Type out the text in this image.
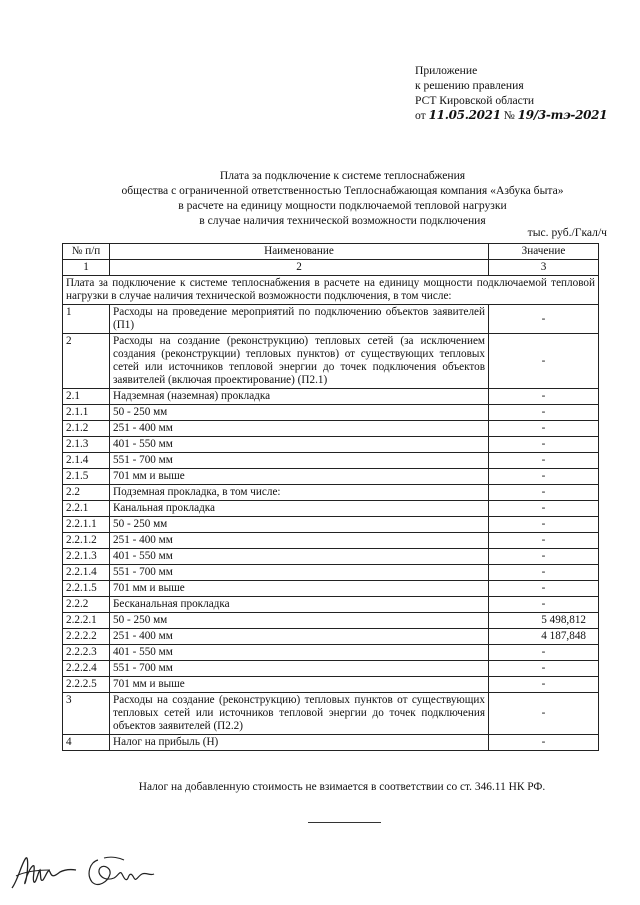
Приложение
к решению правления
РСТ Кировской области
от 11.05.2021 № 19/3-тэ-2021
Плата за подключение к системе теплоснабжения
общества с ограниченной ответственностью Теплоснабжающая компания «Азбука быта»
в расчете на единицу мощности подключаемой тепловой нагрузки
в случае наличия технической возможности подключения
тыс. руб./Гкал/ч
№ п/п	Наименование	Значение
1	2	3
Плата за подключение к системе теплоснабжения в расчете на единицу мощности подключаемой тепловой нагрузки в случае наличия технической возможности подключения, в том числе:		
1	Расходы на проведение мероприятий по подключению объектов заявителей (П1)	-
2	Расходы на создание (реконструкцию) тепловых сетей (за исключением создания (реконструкции) тепловых пунктов) от существующих тепловых сетей или источников тепловой энергии до точек подключения объектов заявителей (включая проектирование) (П2.1)	-
2.1	Надземная (наземная) прокладка	-
2.1.1	50 - 250 мм	-
2.1.2	251 - 400 мм	-
2.1.3	401 - 550 мм	-
2.1.4	551 - 700 мм	-
2.1.5	701 мм и выше	-
2.2	Подземная прокладка, в том числе:	-
2.2.1	Канальная прокладка	-
2.2.1.1	50 - 250 мм	-
2.2.1.2	251 - 400 мм	-
2.2.1.3	401 - 550 мм	-
2.2.1.4	551 - 700 мм	-
2.2.1.5	701 мм и выше	-
2.2.2	Бесканальная прокладка	-
2.2.2.1	50 - 250 мм	5 498,812
2.2.2.2	251 - 400 мм	4 187,848
2.2.2.3	401 - 550 мм	-
2.2.2.4	551 - 700 мм	-
2.2.2.5	701 мм и выше	-
3	Расходы на создание (реконструкцию) тепловых пунктов от существующих тепловых сетей или источников тепловой энергии до точек подключения объектов заявителей (П2.2)	-
4	Налог на прибыль (Н)	-
Налог на добавленную стоимость не взимается в соответствии со ст. 346.11 НК РФ.
